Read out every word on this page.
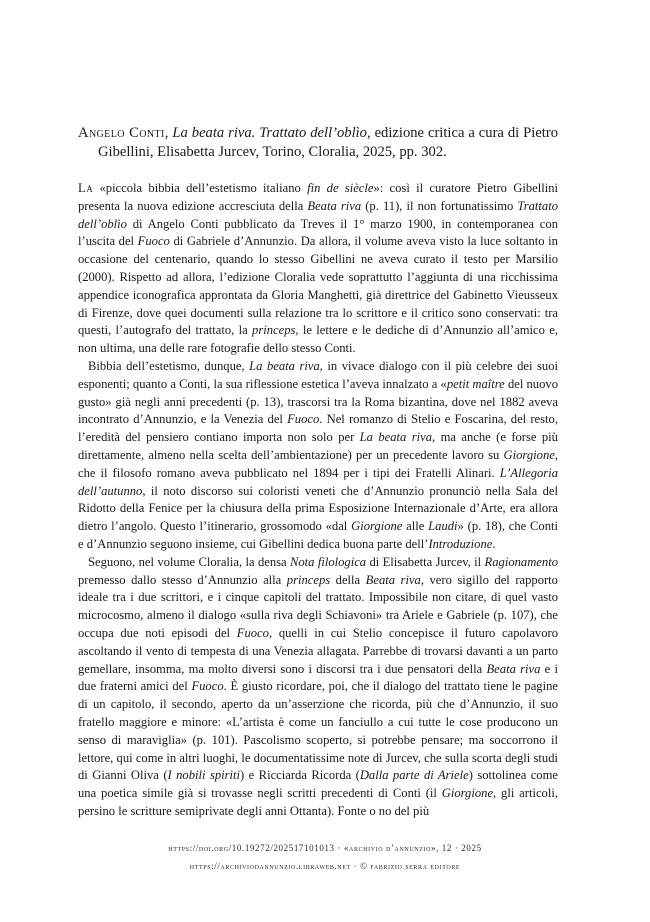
Angelo Conti, La beata riva. Trattato dell’oblìo, edizione critica a cura di Pietro Gibellini, Elisabetta Jurcev, Torino, Cloralia, 2025, pp. 302.

La «piccola bibbia dell’estetismo italiano fin de siècle»: così il curatore Pietro Gibellini presenta la nuova edizione accresciuta della Beata riva (p. 11), il non fortunatissimo Trattato dell’oblìo di Angelo Conti pubblicato da Treves il 1° marzo 1900, in contemporanea con l’uscita del Fuoco di Gabriele d’Annunzio. Da allora, il volume aveva visto la luce soltanto in occasione del centenario, quando lo stesso Gibellini ne aveva curato il testo per Marsilio (2000). Rispetto ad allora, l’edizione Cloralia vede soprattutto l’aggiunta di una ricchissima appendice iconografica approntata da Gloria Manghetti, già direttrice del Gabinetto Vieusseux di Firenze, dove quei documenti sulla relazione tra lo scrittore e il critico sono conservati: tra questi, l’autografo del trattato, la princeps, le lettere e le dediche di d’Annunzio all’amico e, non ultima, una delle rare fotografie dello stesso Conti.

Bibbia dell’estetismo, dunque, La beata riva, in vivace dialogo con il più celebre dei suoi esponenti; quanto a Conti, la sua riflessione estetica l’aveva innalzato a «petit maître del nuovo gusto» già negli anni precedenti (p. 13), trascorsi tra la Roma bizantina, dove nel 1882 aveva incontrato d’Annunzio, e la Venezia del Fuoco. Nel romanzo di Stelio e Foscarina, del resto, l’eredità del pensiero contiano importa non solo per La beata riva, ma anche (e forse più direttamente, almeno nella scelta dell’ambientazione) per un precedente lavoro su Giorgione, che il filosofo romano aveva pubblicato nel 1894 per i tipi dei Fratelli Alinari. L’Allegoria dell’autunno, il noto discorso sui coloristi veneti che d’Annunzio pronunciò nella Sala del Ridotto della Fenice per la chiusura della prima Esposizione Internazionale d’Arte, era allora dietro l’angolo. Questo l’itinerario, grossomodo «dal Giorgione alle Laudi» (p. 18), che Conti e d’Annunzio seguono insieme, cui Gibellini dedica buona parte dell’Introduzione.

Seguono, nel volume Cloralia, la densa Nota filologica di Elisabetta Jurcev, il Ragionamento premesso dallo stesso d’Annunzio alla princeps della Beata riva, vero sigillo del rapporto ideale tra i due scrittori, e i cinque capitoli del trattato. Impossibile non citare, di quel vasto microcosmo, almeno il dialogo «sulla riva degli Schiavoni» tra Ariele e Gabriele (p. 107), che occupa due noti episodi del Fuoco, quelli in cui Stelio concepisce il futuro capolavoro ascoltando il vento di tempesta di una Venezia allagata. Parrebbe di trovarsi davanti a un parto gemellare, insomma, ma molto diversi sono i discorsi tra i due pensatori della Beata riva e i due fraterni amici del Fuoco. È giusto ricordare, poi, che il dialogo del trattato tiene le pagine di un capitolo, il secondo, aperto da un’asserzione che ricorda, più che d’Annunzio, il suo fratello maggiore e minore: «L’artista è come un fanciullo a cui tutte le cose producono un senso di maraviglia» (p. 101). Pascolismo scoperto, si potrebbe pensare; ma soccorrono il lettore, qui come in altri luoghi, le documentatissime note di Jurcev, che sulla scorta degli studi di Gianni Oliva (I nobili spiriti) e Ricciarda Ricorda (Dalla parte di Ariele) sottolinea come una poetica simile già si trovasse negli scritti precedenti di Conti (il Giorgione, gli articoli, persino le scritture semiprivate degli anni Ottanta). Fonte o no del più

https://doi.org/10.19272/202517101013 · «archivio d’annunzio», 12 · 2025
https://archiviodannunzio.libraweb.net · © fabrizio serra editore
